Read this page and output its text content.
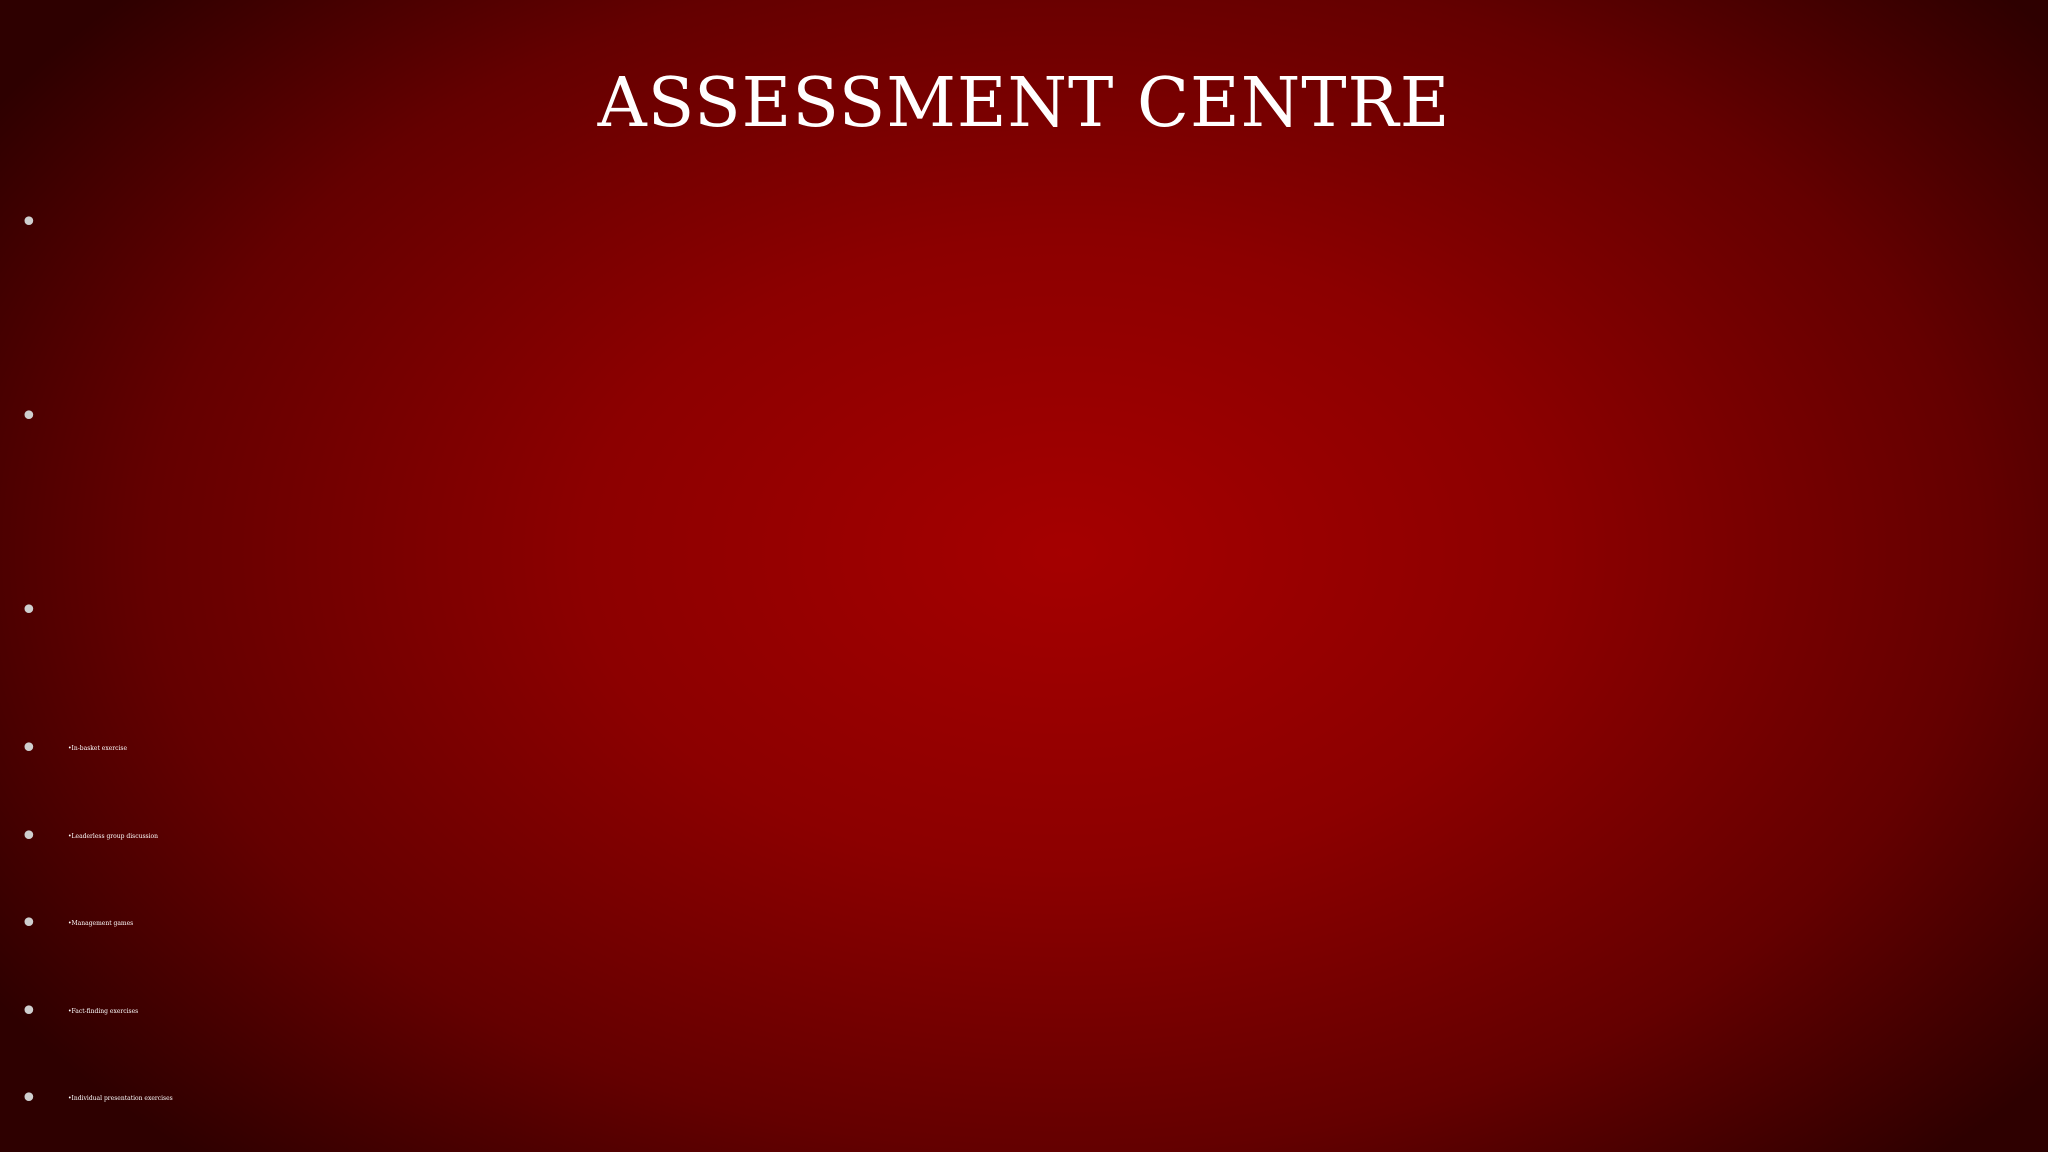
ASSESSMENT CENTRE
•
•
•
•	•In-basket exercise
•	•Leaderless group discussion
•	•Management games
•	•Fact-finding exercises
•	•Individual presentation exercises
